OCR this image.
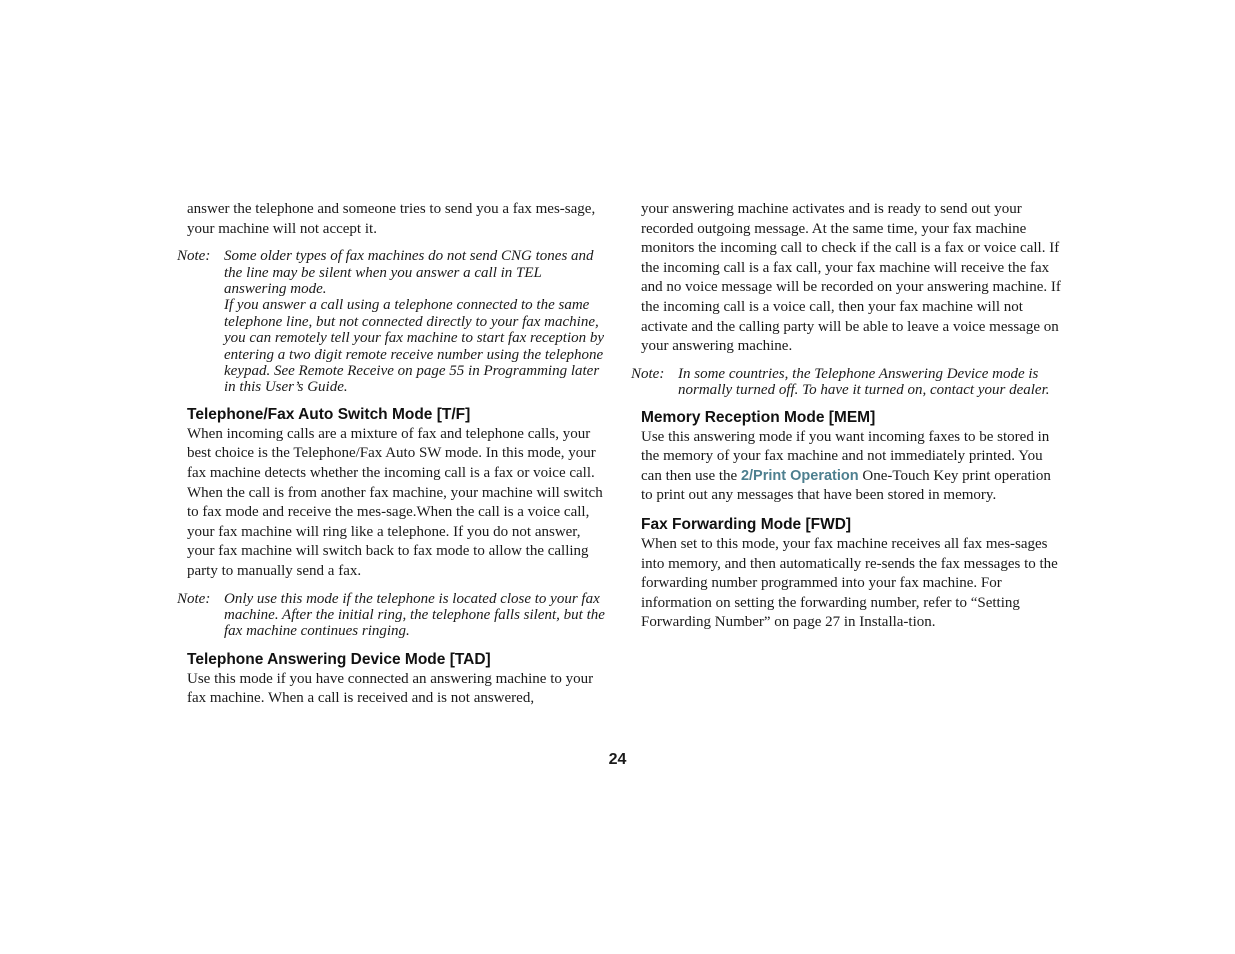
answer the telephone and someone tries to send you a fax mes-sage, your machine will not accept it.

Note: Some older types of fax machines do not send CNG tones and the line may be silent when you answer a call in TEL answering mode.
If you answer a call using a telephone connected to the same telephone line, but not connected directly to your fax machine, you can remotely tell your fax machine to start fax reception by entering a two digit remote receive number using the telephone keypad. See Remote Receive on page 55 in Programming later in this User’s Guide.
Telephone/Fax Auto Switch Mode [T/F]

When incoming calls are a mixture of fax and telephone calls, your best choice is the Telephone/Fax Auto SW mode. In this mode, your fax machine detects whether the incoming call is a fax or voice call. When the call is from another fax machine, your machine will switch to fax mode and receive the mes-sage.When the call is a voice call, your fax machine will ring like a telephone. If you do not answer, your fax machine will switch back to fax mode to allow the calling party to manually send a fax.

Note: Only use this mode if the telephone is located close to your fax machine. After the initial ring, the telephone falls silent, but the fax machine continues ringing.
Telephone Answering Device Mode [TAD]

Use this mode if you have connected an answering machine to your fax machine. When a call is received and is not answered,

your answering machine activates and is ready to send out your recorded outgoing message. At the same time, your fax machine monitors the incoming call to check if the call is a fax or voice call. If the incoming call is a fax call, your fax machine will receive the fax and no voice message will be recorded on your answering machine. If the incoming call is a voice call, then your fax machine will not activate and the calling party will be able to leave a voice message on your answering machine.

Note: In some countries, the Telephone Answering Device mode is normally turned off. To have it turned on, contact your dealer.
Memory Reception Mode [MEM]

Use this answering mode if you want incoming faxes to be stored in the memory of your fax machine and not immediately printed. You can then use the 2/Print Operation One-Touch Key print operation to print out any messages that have been stored in memory.

Fax Forwarding Mode [FWD]

When set to this mode, your fax machine receives all fax mes-sages into memory, and then automatically re-sends the fax messages to the forwarding number programmed into your fax machine. For information on setting the forwarding number, refer to “Setting Forwarding Number” on page 27 in Installa-tion.

24
